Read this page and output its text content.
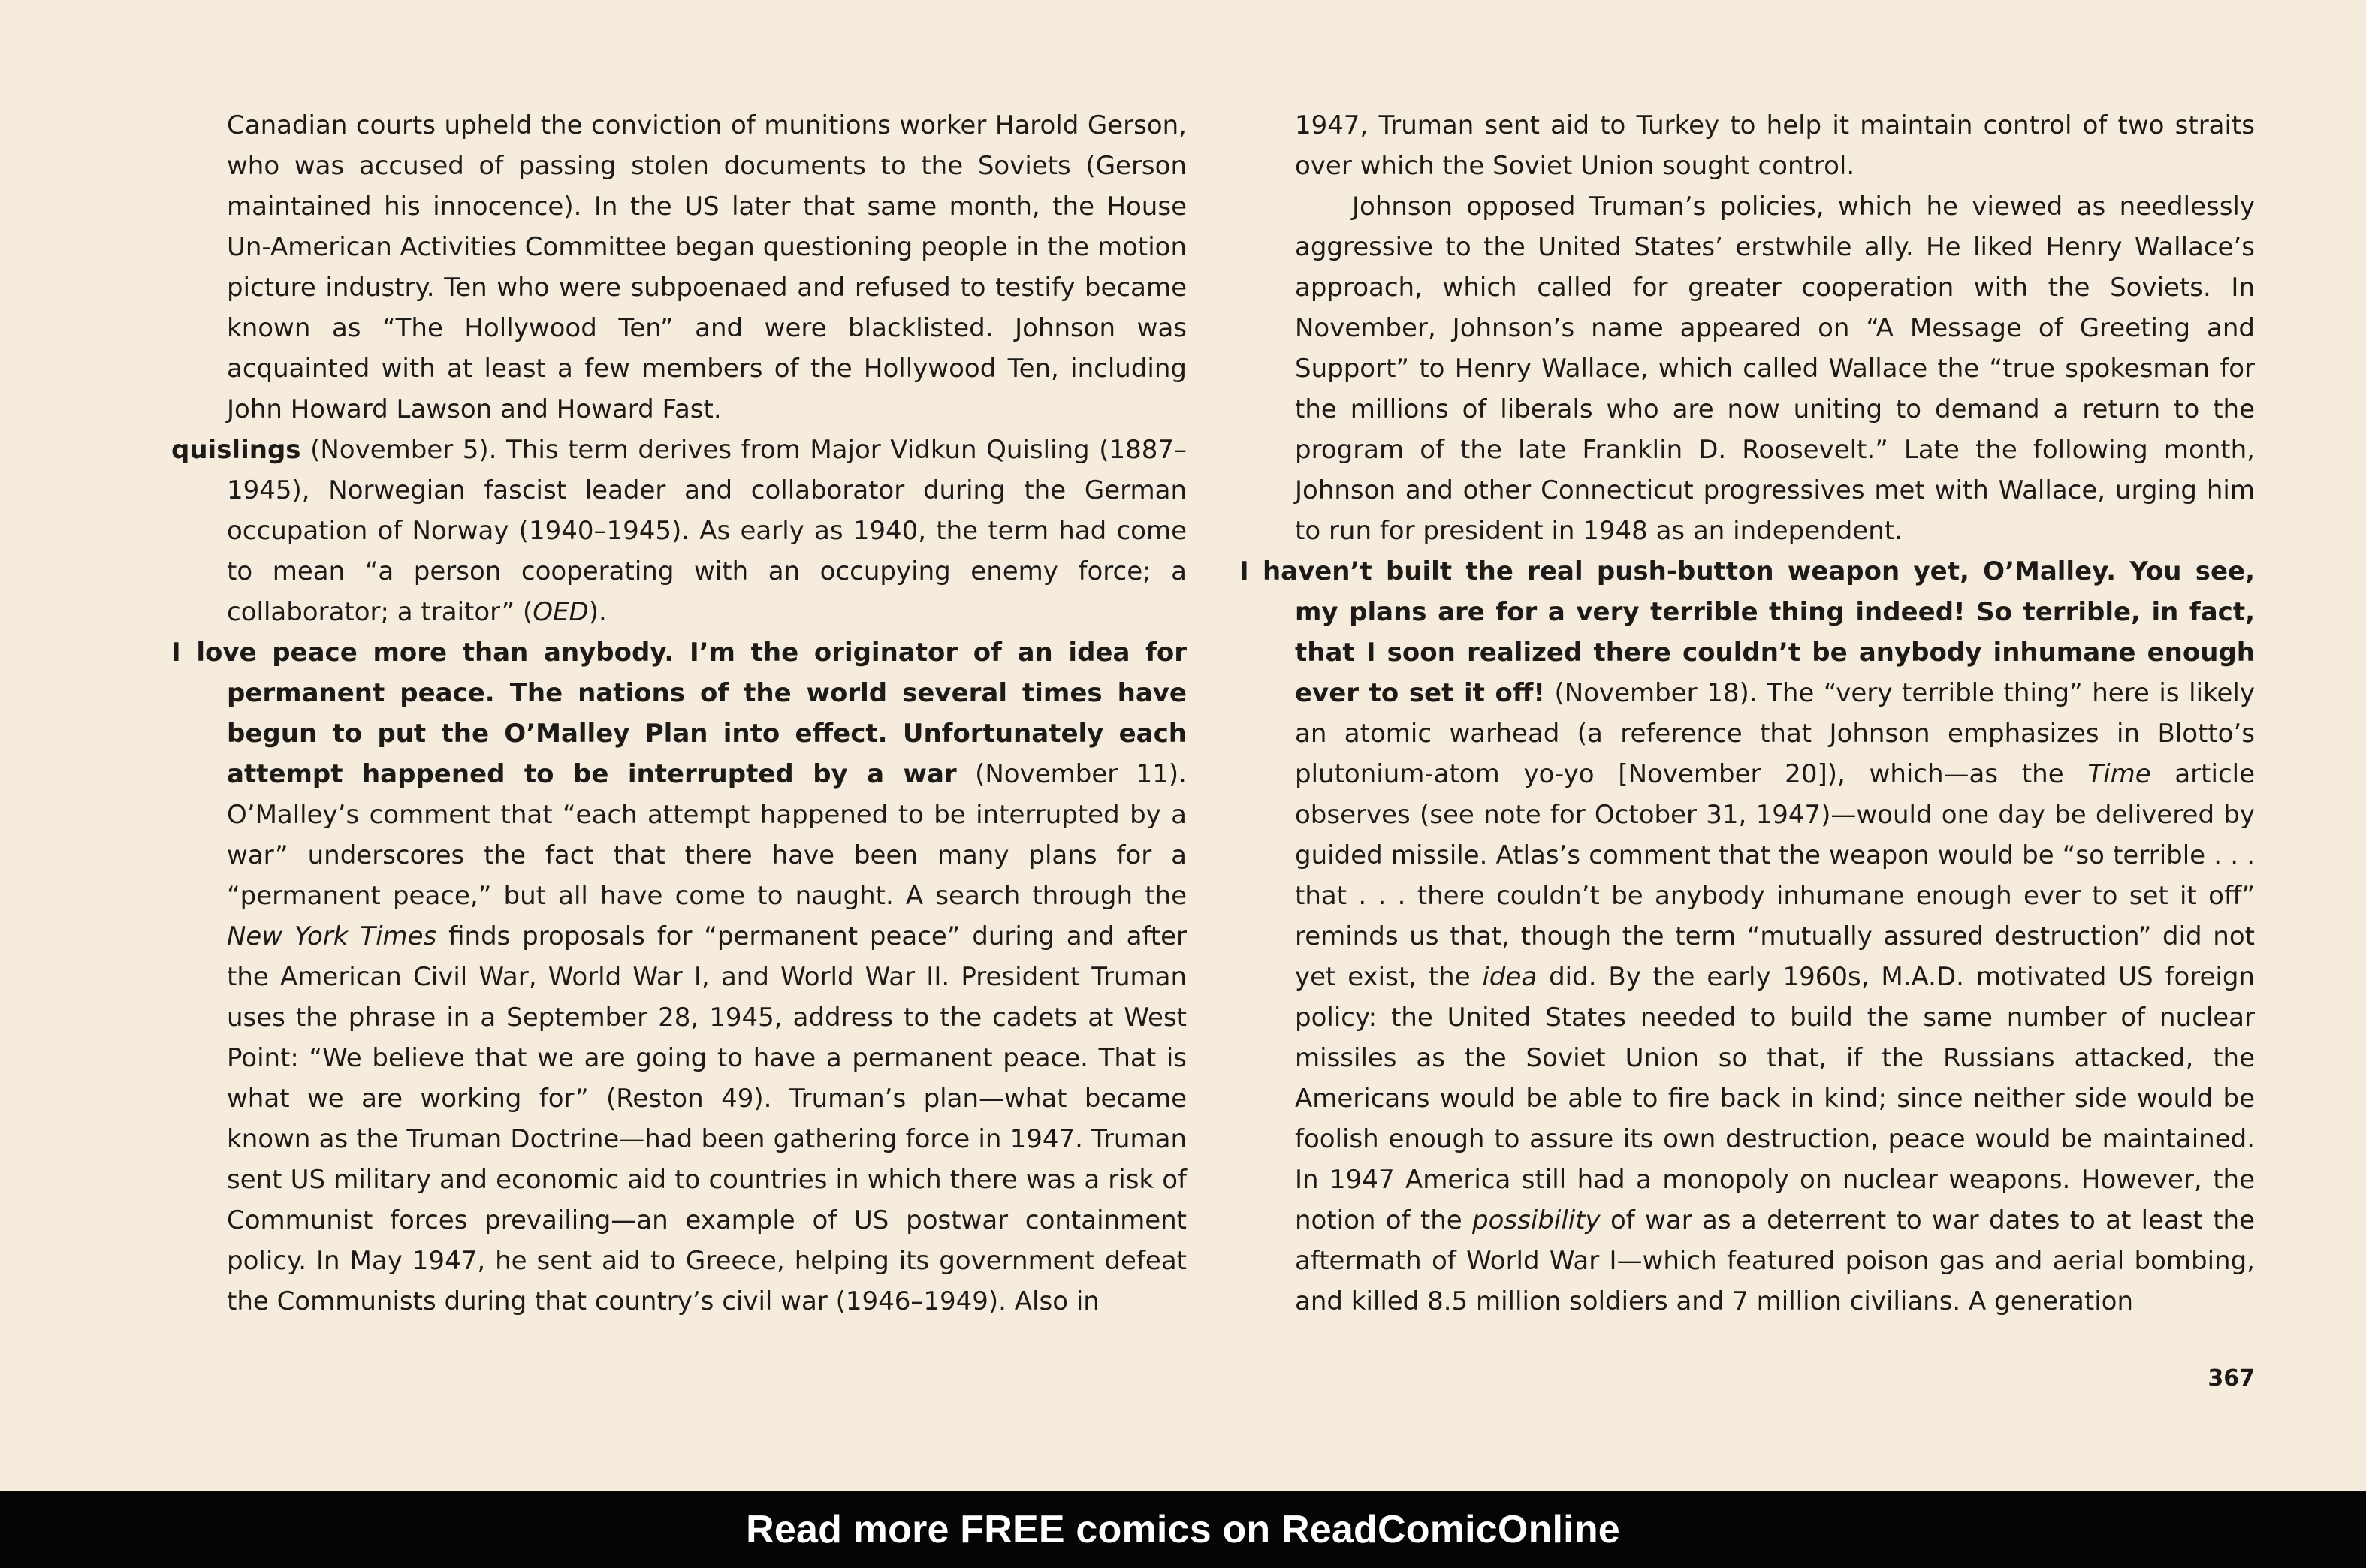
Canadian courts upheld the conviction of munitions worker Harold Gerson, who was accused of passing stolen documents to the Soviets (Gerson maintained his innocence). In the US later that same month, the House Un-American Activities Committee began questioning people in the motion picture industry. Ten who were subpoenaed and refused to testify became known as “The Hollywood Ten” and were blacklisted. Johnson was acquainted with at least a few members of the Hollywood Ten, including John Howard Lawson and Howard Fast.

quislings (November 5). This term derives from Major Vidkun Quisling (1887–1945), Norwegian fascist leader and collaborator during the German occupation of Norway (1940–1945). As early as 1940, the term had come to mean “a person cooperating with an occupying enemy force; a collaborator; a traitor” (OED).

I love peace more than anybody. I’m the originator of an idea for permanent peace. The nations of the world several times have begun to put the O’Malley Plan into effect. Unfortunately each attempt happened to be interrupted by a war (November 11). O’Malley’s comment that “each attempt happened to be interrupted by a war” underscores the fact that there have been many plans for a “permanent peace,” but all have come to naught. A search through the New York Times finds proposals for “permanent peace” during and after the American Civil War, World War I, and World War II. President Truman uses the phrase in a September 28, 1945, address to the cadets at West Point: “We believe that we are going to have a permanent peace. That is what we are working for” (Reston 49). Truman’s plan—what became known as the Truman Doctrine—had been gathering force in 1947. Truman sent US military and economic aid to countries in which there was a risk of Communist forces prevailing—an example of US postwar containment policy. In May 1947, he sent aid to Greece, helping its government defeat the Communists during that country’s civil war (1946–1949). Also in

1947, Truman sent aid to Turkey to help it maintain control of two straits over which the Soviet Union sought control.

Johnson opposed Truman’s policies, which he viewed as needlessly aggressive to the United States’ erstwhile ally. He liked Henry Wallace’s approach, which called for greater cooperation with the Soviets. In November, Johnson’s name appeared on “A Message of Greeting and Support” to Henry Wallace, which called Wallace the “true spokesman for the millions of liberals who are now uniting to demand a return to the program of the late Franklin D. Roosevelt.” Late the following month, Johnson and other Connecticut progressives met with Wallace, urging him to run for president in 1948 as an independent.

I haven’t built the real push-button weapon yet, O’Malley. You see, my plans are for a very terrible thing indeed! So terrible, in fact, that I soon realized there couldn’t be anybody inhumane enough ever to set it off! (November 18). The “very terrible thing” here is likely an atomic warhead (a reference that Johnson emphasizes in Blotto’s plutonium-atom yo-yo [November 20]), which—as the Time article observes (see note for October 31, 1947)—would one day be delivered by guided missile. Atlas’s comment that the weapon would be “so terrible . . . that . . . there couldn’t be anybody inhumane enough ever to set it off” reminds us that, though the term “mutually assured destruction” did not yet exist, the idea did. By the early 1960s, M.A.D. motivated US foreign policy: the United States needed to build the same number of nuclear missiles as the Soviet Union so that, if the Russians attacked, the Americans would be able to fire back in kind; since neither side would be foolish enough to assure its own destruction, peace would be maintained. In 1947 America still had a monopoly on nuclear weapons. However, the notion of the possibility of war as a deterrent to war dates to at least the aftermath of World War I—which featured poison gas and aerial bombing, and killed 8.5 million soldiers and 7 million civilians. A generation

367
Read more FREE comics on ReadComicOnline
